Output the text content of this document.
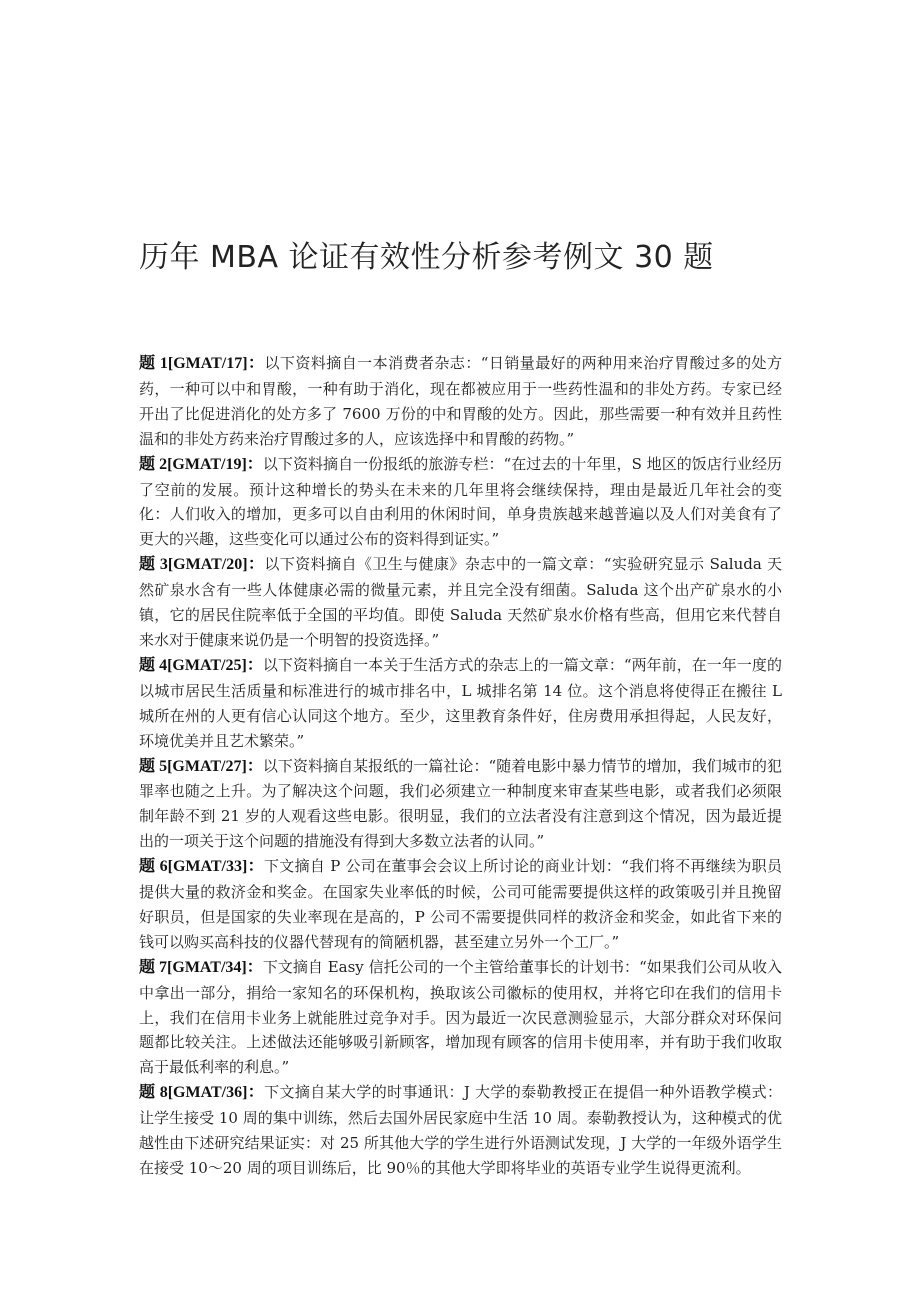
历年 MBA 论证有效性分析参考例文 30 题
题 1[GMAT/17]：以下资料摘自一本消费者杂志：“日销量最好的两种用来治疗胃酸过多的处方药，一种可以中和胃酸，一种有助于消化，现在都被应用于一些药性温和的非处方药。专家已经开出了比促进消化的处方多了 7600 万份的中和胃酸的处方。因此，那些需要一种有效并且药性温和的非处方药来治疗胃酸过多的人，应该选择中和胃酸的药物。”
题 2[GMAT/19]：以下资料摘自一份报纸的旅游专栏：“在过去的十年里，S 地区的饭店行业经历了空前的发展。预计这种增长的势头在未来的几年里将会继续保持，理由是最近几年社会的变化：人们收入的增加，更多可以自由利用的休闲时间，单身贵族越来越普遍以及人们对美食有了更大的兴趣，这些变化可以通过公布的资料得到证实。”
题 3[GMAT/20]：以下资料摘自《卫生与健康》杂志中的一篇文章：“实验研究显示 Saluda 天然矿泉水含有一些人体健康必需的微量元素，并且完全没有细菌。Saluda 这个出产矿泉水的小镇，它的居民住院率低于全国的平均值。即使 Saluda 天然矿泉水价格有些高，但用它来代替自来水对于健康来说仍是一个明智的投资选择。”
题 4[GMAT/25]：以下资料摘自一本关于生活方式的杂志上的一篇文章：“两年前，在一年一度的以城市居民生活质量和标准进行的城市排名中，L 城排名第 14 位。这个消息将使得正在搬往 L 城所在州的人更有信心认同这个地方。至少，这里教育条件好，住房费用承担得起，人民友好，环境优美并且艺术繁荣。”
题 5[GMAT/27]：以下资料摘自某报纸的一篇社论：“随着电影中暴力情节的增加，我们城市的犯罪率也随之上升。为了解决这个问题，我们必须建立一种制度来审查某些电影，或者我们必须限制年龄不到 21 岁的人观看这些电影。很明显，我们的立法者没有注意到这个情况，因为最近提出的一项关于这个问题的措施没有得到大多数立法者的认同。”
题 6[GMAT/33]：下文摘自 P 公司在董事会会议上所讨论的商业计划：“我们将不再继续为职员提供大量的救济金和奖金。在国家失业率低的时候，公司可能需要提供这样的政策吸引并且挽留好职员，但是国家的失业率现在是高的，P 公司不需要提供同样的救济金和奖金，如此省下来的钱可以购买高科技的仪器代替现有的简陋机器，甚至建立另外一个工厂。”
题 7[GMAT/34]：下文摘自 Easy 信托公司的一个主管给董事长的计划书：“如果我们公司从收入中拿出一部分，捐给一家知名的环保机构，换取该公司徽标的使用权，并将它印在我们的信用卡上，我们在信用卡业务上就能胜过竞争对手。因为最近一次民意测验显示，大部分群众对环保问题都比较关注。上述做法还能够吸引新顾客，增加现有顾客的信用卡使用率，并有助于我们收取高于最低利率的利息。”
题 8[GMAT/36]：下文摘自某大学的时事通讯：J 大学的泰勒教授正在提倡一种外语教学模式：让学生接受 10 周的集中训练，然后去国外居民家庭中生活 10 周。泰勒教授认为，这种模式的优越性由下述研究结果证实：对 25 所其他大学的学生进行外语测试发现，J 大学的一年级外语学生在接受 10～20 周的项目训练后，比 90％的其他大学即将毕业的英语专业学生说得更流利。
